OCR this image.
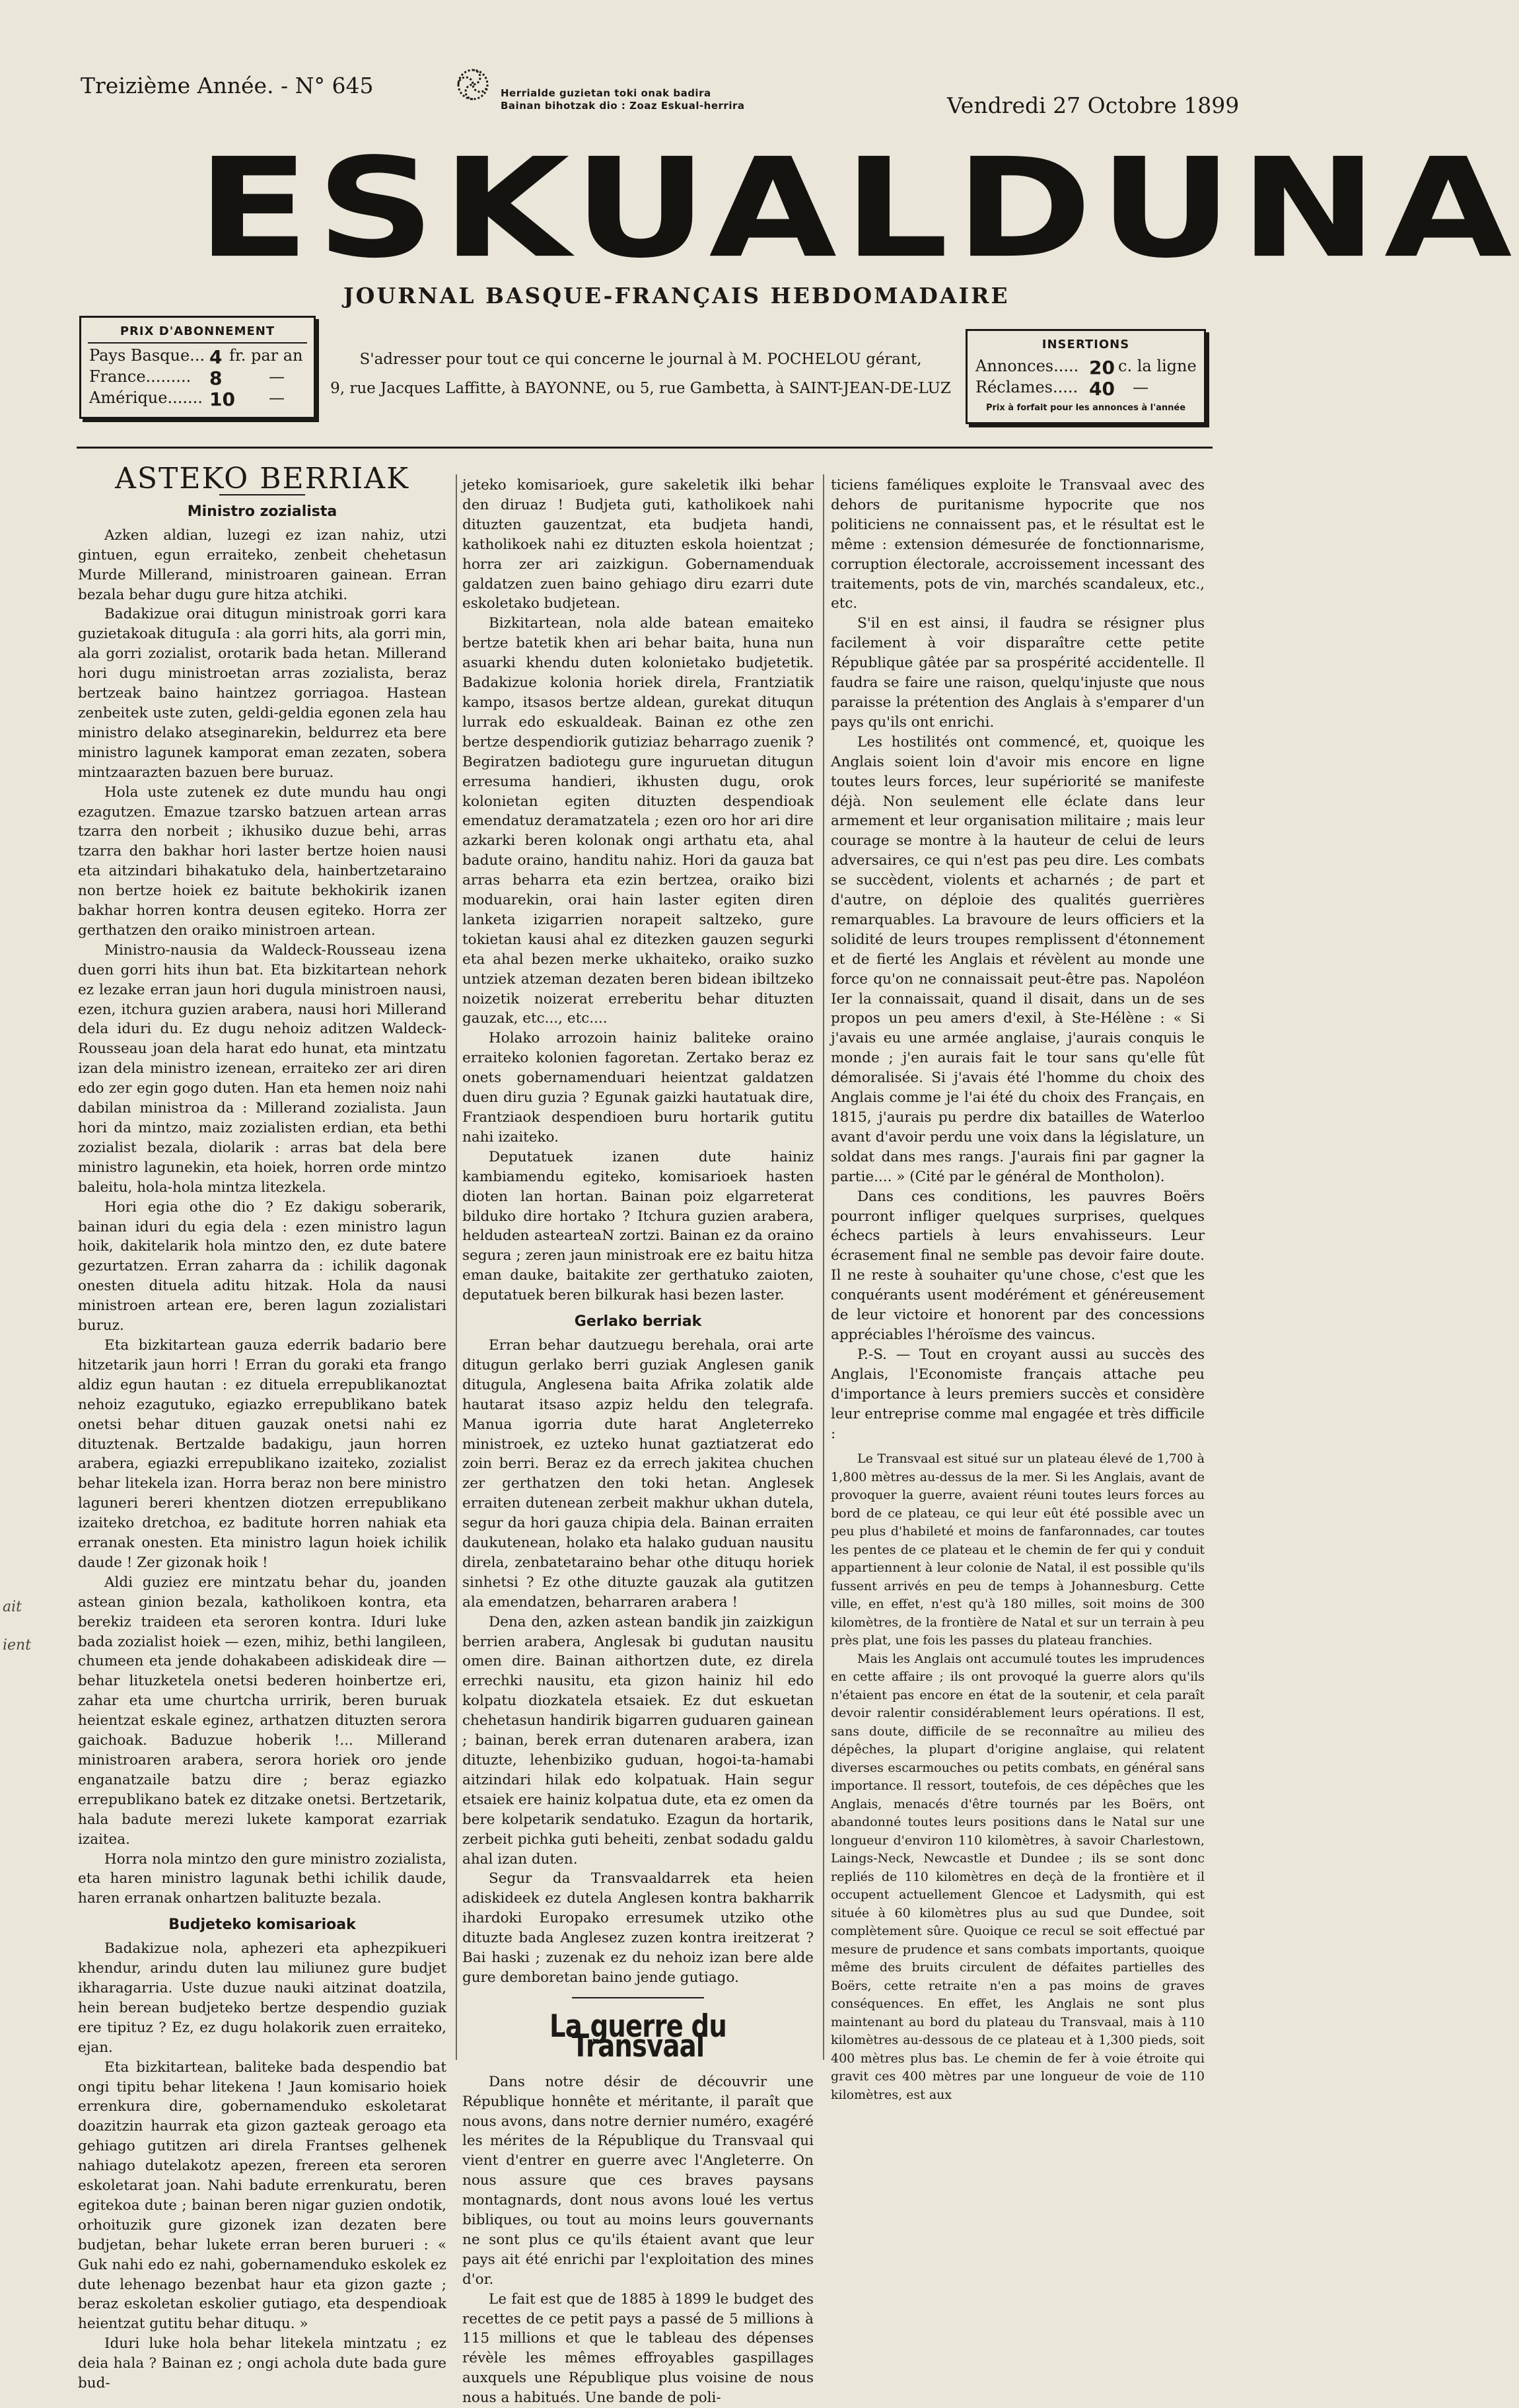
Treizième Année. - N° 645	Herrialde guzietan toki onak badira
Bainan bihotzak dio : Zoaz Eskual-herrira	Vendredi 27 Octobre 1899
ESKUALDUNA
JOURNAL BASQUE-FRANÇAIS HEBDOMADAIRE
PRIX D'ABONNEMENT
Pays Basque... 4 fr. par an
France......... 8	—
Amérique....... 10 —
S'adresser pour tout ce qui concerne le journal à M. POCHELOU gérant,
9, rue Jacques Laffitte, à BAYONNE, ou 5, rue Gambetta, à SAINT-JEAN-DE-LUZ
INSERTIONS
Annonces..... 20 c. la ligne
Réclames..... 40 —
Prix à forfait pour les annonces à l'année
ait
ient
ASTEKO BERRIAK
Ministro zozialista

Azken aldian, luzegi ez izan nahiz, utzi gintuen, egun erraiteko, zenbeit chehetasun Murde Millerand, ministroaren gainean. Erran bezala behar dugu gure hitza atchiki.

Badakizue orai ditugun ministroak gorri kara guzietakoak dituguIa : ala gorri hits, ala gorri min, ala gorri zozialist, orotarik bada hetan. Millerand hori dugu ministroetan arras zozialista, beraz bertzeak baino haintzez gorriagoa. Hastean zenbeitek uste zuten, geldi-geldia egonen zela hau ministro delako atseginarekin, beldurrez eta bere ministro lagunek kamporat eman zezaten, sobera mintzaarazten bazuen bere buruaz.

Hola uste zutenek ez dute mundu hau ongi ezagutzen. Emazue tzarsko batzuen artean arras tzarra den norbeit ; ikhusiko duzue behi, arras tzarra den bakhar hori laster bertze hoien nausi eta aitzindari bihakatuko dela, hainbertzetaraino non bertze hoiek ez baitute bekhokirik izanen bakhar horren kontra deusen egiteko. Horra zer gerthatzen den oraiko ministroen artean.

Ministro-nausia da Waldeck-Rousseau izena duen gorri hits ihun bat. Eta bizkitartean nehork ez lezake erran jaun hori dugula ministroen nausi, ezen, itchura guzien arabera, nausi hori Millerand dela iduri du. Ez dugu nehoiz aditzen Waldeck-Rousseau joan dela harat edo hunat, eta mintzatu izan dela ministro izenean, erraiteko zer ari diren edo zer egin gogo duten. Han eta hemen noiz nahi dabilan ministroa da : Millerand zozialista. Jaun hori da mintzo, maiz zozialisten erdian, eta bethi zozialist bezala, diolarik : arras bat dela bere ministro lagunekin, eta hoiek, horren orde mintzo baleitu, hola-hola mintza litezkela.

Hori egia othe dio ? Ez dakigu soberarik, bainan iduri du egia dela : ezen ministro lagun hoik, dakitelarik hola mintzo den, ez dute batere gezurtatzen. Erran zaharra da : ichilik dagonak onesten dituela aditu hitzak. Hola da nausi ministroen artean ere, beren lagun zozialistari buruz.

Eta bizkitartean gauza ederrik badario bere hitzetarik jaun horri ! Erran du goraki eta frango aldiz egun hautan : ez dituela errepublikanoztat nehoiz ezagutuko, egiazko errepublikano batek onetsi behar dituen gauzak onetsi nahi ez dituztenak. Bertzalde badakigu, jaun horren arabera, egiazki errepublikano izaiteko, zozialist behar litekela izan. Horra beraz non bere ministro laguneri bereri khentzen diotzen errepublikano izaiteko dretchoa, ez baditute horren nahiak eta erranak onesten. Eta ministro lagun hoiek ichilik daude ! Zer gizonak hoik !

Aldi guziez ere mintzatu behar du, joanden astean ginion bezala, katholikoen kontra, eta berekiz traideen eta seroren kontra. Iduri luke bada zozialist hoiek — ezen, mihiz, bethi langileen, chumeen eta jende dohakabeen adiskideak dire — behar lituzketela onetsi bederen hoinbertze eri, zahar eta ume churtcha urririk, beren buruak heientzat eskale eginez, arthatzen dituzten serora gaichoak. Baduzue hoberik !... Millerand ministroaren arabera, serora horiek oro jende enganatzaile batzu dire ; beraz egiazko errepublikano batek ez ditzake onetsi. Bertzetarik, hala badute merezi lukete kamporat ezarriak izaitea.

Horra nola mintzo den gure ministro zozialista, eta haren ministro lagunak bethi ichilik daude, haren erranak onhartzen balituzte bezala.

Budjeteko komisarioak

Badakizue nola, aphezeri eta aphezpikueri khendur, arindu duten lau miliunez gure budjet ikharagarria. Uste duzue nauki aitzinat doatzila, hein berean budjeteko bertze despendio guziak ere tipituz ? Ez, ez dugu holakorik zuen erraiteko, ejan.

Eta bizkitartean, baliteke bada despendio bat ongi tipitu behar litekena ! Jaun komisario hoiek errenkura dire, gobernamenduko eskoletarat doazitzin haurrak eta gizon gazteak geroago eta gehiago gutitzen ari direla Frantses gelhenek nahiago dutelakotz apezen, frereen eta seroren eskoletarat joan. Nahi badute errenkuratu, beren egitekoa dute ; bainan beren nigar guzien ondotik, orhoituzik gure gizonek izan dezaten bere budjetan, behar lukete erran beren burueri : « Guk nahi edo ez nahi, gobernamenduko eskolek ez dute lehenago bezenbat haur eta gizon gazte ; beraz eskoletan eskolier gutiago, eta despendioak heientzat gutitu behar dituqu. »

Iduri luke hola behar litekela mintzatu ; ez deia hala ? Bainan ez ; ongi achola dute bada gure bud-

jeteko komisarioek, gure sakeletik ilki behar den diruaz ! Budjeta guti, katholikoek nahi dituzten gauzentzat, eta budjeta handi, katholikoek nahi ez dituzten eskola hoientzat ; horra zer ari zaizkigun. Gobernamenduak galdatzen zuen baino gehiago diru ezarri dute eskoletako budjetean.

Bizkitartean, nola alde batean emaiteko bertze batetik khen ari behar baita, huna nun asuarki khendu duten kolonietako budjetetik. Badakizue kolonia horiek direla, Frantziatik kampo, itsasos bertze aldean, gurekat dituqun lurrak edo eskualdeak. Bainan ez othe zen bertze despendiorik gutiziaz beharrago zuenik ? Begiratzen badiotegu gure inguruetan ditugun erresuma handieri, ikhusten dugu, orok kolonietan egiten dituzten despendioak emendatuz deramatzatela ; ezen oro hor ari dire azkarki beren kolonak ongi arthatu eta, ahal badute oraino, handitu nahiz. Hori da gauza bat arras beharra eta ezin bertzea, oraiko bizi moduarekin, orai hain laster egiten diren lanketa izigarrien norapeit saltzeko, gure tokietan kausi ahal ez ditezken gauzen segurki eta ahal bezen merke ukhaiteko, oraiko suzko untziek atzeman dezaten beren bidean ibiltzeko noizetik noizerat erreberitu behar dituzten gauzak, etc..., etc....

Holako arrozoin hainiz baliteke oraino erraiteko kolonien fagoretan. Zertako beraz ez onets gobernamenduari heientzat galdatzen duen diru guzia ? Egunak gaizki hautatuak dire, Frantziaok despendioen buru hortarik gutitu nahi izaiteko.

Deputatuek izanen dute hainiz kambiamendu egiteko, komisarioek hasten dioten lan hortan. Bainan poiz elgarreterat bilduko dire hortako ? Itchura guzien arabera, helduden astearteaN zortzi. Bainan ez da oraino segura ; zeren jaun ministroak ere ez baitu hitza eman dauke, baitakite zer gerthatuko zaioten, deputatuek beren bilkurak hasi bezen laster.

Gerlako berriak

Erran behar dautzuegu berehala, orai arte ditugun gerlako berri guziak Anglesen ganik ditugula, Anglesena baita Afrika zolatik alde hautarat itsaso azpiz heldu den telegrafa. Manua igorria dute harat Angleterreko ministroek, ez uzteko hunat gaztiatzerat edo zoin berri. Beraz ez da errech jakitea chuchen zer gerthatzen den toki hetan. Anglesek erraiten dutenean zerbeit makhur ukhan dutela, segur da hori gauza chipia dela. Bainan erraiten daukutenean, holako eta halako guduan nausitu direla, zenbatetaraino behar othe dituqu horiek sinhetsi ? Ez othe dituzte gauzak ala gutitzen ala emendatzen, beharraren arabera !

Dena den, azken astean bandik jin zaizkigun berrien arabera, Anglesak bi gudutan nausitu omen dire. Bainan aithortzen dute, ez direla errechki nausitu, eta gizon hainiz hil edo kolpatu diozkatela etsaiek. Ez dut eskuetan chehetasun handirik bigarren guduaren gainean ; bainan, berek erran dutenaren arabera, izan dituzte, lehenbiziko guduan, hogoi-ta-hamabi aitzindari hilak edo kolpatuak. Hain segur etsaiek ere hainiz kolpatua dute, eta ez omen da bere kolpetarik sendatuko. Ezagun da hortarik, zerbeit pichka guti beheiti, zenbat sodadu galdu ahal izan duten.

Segur da Transvaaldarrek eta heien adiskideek ez dutela Anglesen kontra bakharrik ihardoki Europako erresumek utziko othe dituzte bada Anglesez zuzen kontra ireitzerat ? Bai haski ; zuzenak ez du nehoiz izan bere alde gure demboretan baino jende gutiago.

La guerre du Transvaal

Dans notre désir de découvrir une République honnête et méritante, il paraît que nous avons, dans notre dernier numéro, exagéré les mérites de la République du Transvaal qui vient d'entrer en guerre avec l'Angleterre. On nous assure que ces braves paysans montagnards, dont nous avons loué les vertus bibliques, ou tout au moins leurs gouvernants ne sont plus ce qu'ils étaient avant que leur pays ait été enrichi par l'exploitation des mines d'or.

Le fait est que de 1885 à 1899 le budget des recettes de ce petit pays a passé de 5 millions à 115 millions et que le tableau des dépenses révèle les mêmes effroyables gaspillages auxquels une République plus voisine de nous nous a habitués. Une bande de poli-

ticiens faméliques exploite le Transvaal avec des dehors de puritanisme hypocrite que nos politiciens ne connaissent pas, et le résultat est le même : extension démesurée de fonctionnarisme, corruption électorale, accroissement incessant des traitements, pots de vin, marchés scandaleux, etc., etc.

S'il en est ainsi, il faudra se résigner plus facilement à voir disparaître cette petite République gâtée par sa prospérité accidentelle. Il faudra se faire une raison, quelqu'injuste que nous paraisse la prétention des Anglais à s'emparer d'un pays qu'ils ont enrichi.

Les hostilités ont commencé, et, quoique les Anglais soient loin d'avoir mis encore en ligne toutes leurs forces, leur supériorité se manifeste déjà. Non seulement elle éclate dans leur armement et leur organisation militaire ; mais leur courage se montre à la hauteur de celui de leurs adversaires, ce qui n'est pas peu dire. Les combats se succèdent, violents et acharnés ; de part et d'autre, on déploie des qualités guerrières remarquables. La bravoure de leurs officiers et la solidité de leurs troupes remplissent d'étonnement et de fierté les Anglais et révèlent au monde une force qu'on ne connaissait peut-être pas. Napoléon Ier la connaissait, quand il disait, dans un de ses propos un peu amers d'exil, à Ste-Hélène : « Si j'avais eu une armée anglaise, j'aurais conquis le monde ; j'en aurais fait le tour sans qu'elle fût démoralisée. Si j'avais été l'homme du choix des Anglais comme je l'ai été du choix des Français, en 1815, j'aurais pu perdre dix batailles de Waterloo avant d'avoir perdu une voix dans la législature, un soldat dans mes rangs. J'aurais fini par gagner la partie.... » (Cité par le général de Montholon).

Dans ces conditions, les pauvres Boërs pourront infliger quelques surprises, quelques échecs partiels à leurs envahisseurs. Leur écrasement final ne semble pas devoir faire doute. Il ne reste à souhaiter qu'une chose, c'est que les conquérants usent modérément et généreusement de leur victoire et honorent par des concessions appréciables l'héroïsme des vaincus.

P.-S. — Tout en croyant aussi au succès des Anglais, l'Economiste français attache peu d'importance à leurs premiers succès et considère leur entreprise comme mal engagée et très difficile :

Le Transvaal est situé sur un plateau élevé de 1,700 à 1,800 mètres au-dessus de la mer. Si les Anglais, avant de provoquer la guerre, avaient réuni toutes leurs forces au bord de ce plateau, ce qui leur eût été possible avec un peu plus d'habileté et moins de fanfaronnades, car toutes les pentes de ce plateau et le chemin de fer qui y conduit appartiennent à leur colonie de Natal, il est possible qu'ils fussent arrivés en peu de temps à Johannesburg. Cette ville, en effet, n'est qu'à 180 milles, soit moins de 300 kilomètres, de la frontière de Natal et sur un terrain à peu près plat, une fois les passes du plateau franchies.

Mais les Anglais ont accumulé toutes les imprudences en cette affaire ; ils ont provoqué la guerre alors qu'ils n'étaient pas encore en état de la soutenir, et cela paraît devoir ralentir considérablement leurs opérations. Il est, sans doute, difficile de se reconnaître au milieu des dépêches, la plupart d'origine anglaise, qui relatent diverses escarmouches ou petits combats, en général sans importance. Il ressort, toutefois, de ces dépêches que les Anglais, menacés d'être tournés par les Boërs, ont abandonné toutes leurs positions dans le Natal sur une longueur d'environ 110 kilomètres, à savoir Charlestown, Laings-Neck, Newcastle et Dundee ; ils se sont donc repliés de 110 kilomètres en deçà de la frontière et il occupent actuellement Glencoe et Ladysmith, qui est située à 60 kilomètres plus au sud que Dundee, soit complètement sûre. Quoique ce recul se soit effectué par mesure de prudence et sans combats importants, quoique même des bruits circulent de défaites partielles des Boërs, cette retraite n'en a pas moins de graves conséquences. En effet, les Anglais ne sont plus maintenant au bord du plateau du Transvaal, mais à 110 kilomètres au-dessous de ce plateau et à 1,300 pieds, soit 400 mètres plus bas. Le chemin de fer à voie étroite qui gravit ces 400 mètres par une longueur de voie de 110 kilomètres, est aux
